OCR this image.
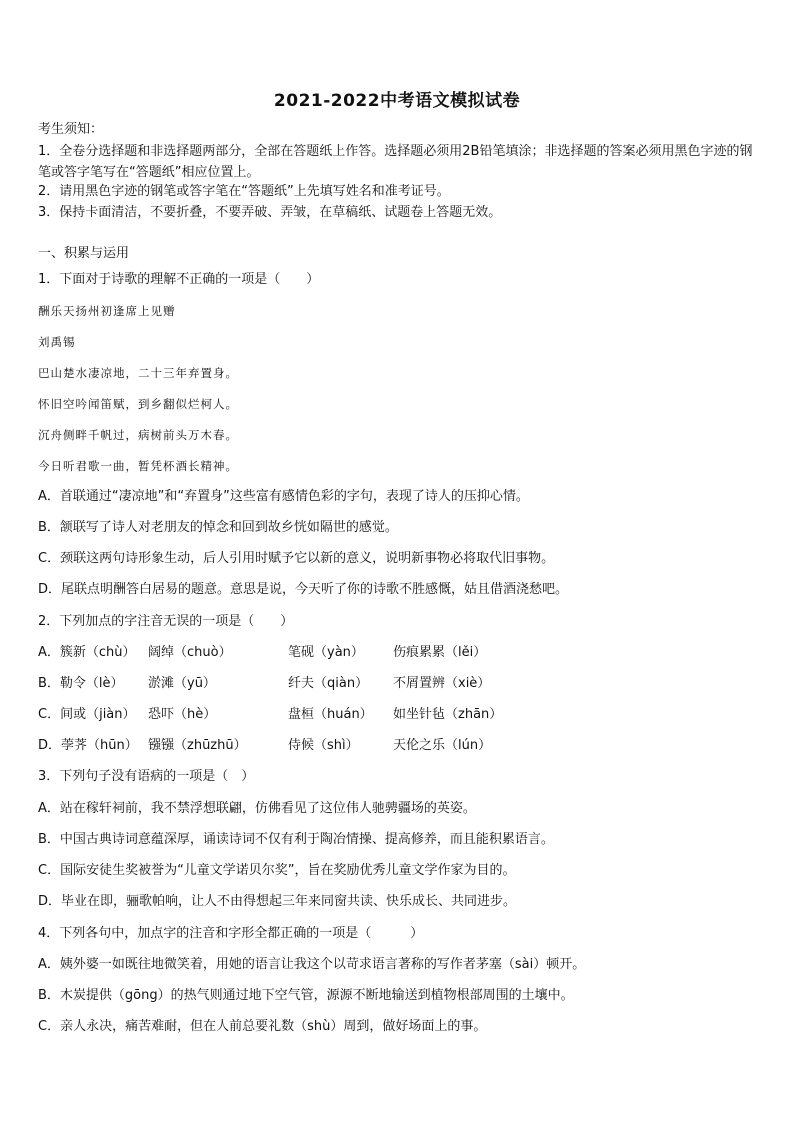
2021-2022中考语文模拟试卷
考生须知：
1．全卷分选择题和非选择题两部分，全部在答题纸上作答。选择题必须用2B铅笔填涂；非选择题的答案必须用黑色字迹的钢笔或答字笔写在“答题纸”相应位置上。
2．请用黑色字迹的钢笔或答字笔在“答题纸”上先填写姓名和准考证号。
3．保持卡面清洁，不要折叠，不要弄破、弄皱，在草稿纸、试题卷上答题无效。
一、积累与运用
1．下面对于诗歌的理解不正确的一项是（　　）
酬乐天扬州初逢席上见赠
刘禹锡
巴山楚水凄凉地，二十三年弃置身。
怀旧空吟闻笛赋，到乡翻似烂柯人。
沉舟侧畔千帆过，病树前头万木春。
今日听君歌一曲，暂凭杯酒长精神。
A．首联通过“凄凉地”和“弃置身”这些富有感情色彩的字句，表现了诗人的压抑心情。
B．颔联写了诗人对老朋友的悼念和回到故乡恍如隔世的感觉。
C．颈联这两句诗形象生动，后人引用时赋予它以新的意义，说明新事物必将取代旧事物。
D．尾联点明酬答白居易的题意。意思是说，今天听了你的诗歌不胜感慨，姑且借酒浇愁吧。
2．下列加点的字注音无误的一项是（　　）
A．簇新（chù） 阔绰（chuò）	笔砚（yàn） 伤痕累累（lěi）
B．勒令（lè） 淤滩（yū）	纤夫（qiàn） 不屑置辨（xiè）
C．间或（jiàn） 恐吓（hè）	盘桓（huán） 如坐针毡（zhān）
D．荸荠（hūn） 镪镪（zhūzhū）	侍候（shì）	天伦之乐（lún）
3．下列句子没有语病的一项是（　）
A．站在稼轩祠前，我不禁浮想联翩，仿佛看见了这位伟人驰骋疆场的英姿。
B．中国古典诗词意蕴深厚，诵读诗词不仅有利于陶冶情操、提高修养，而且能积累语言。
C．国际安徒生奖被誉为“儿童文学诺贝尔奖”，旨在奖励优秀儿童文学作家为目的。
D．毕业在即，骊歌帕响，让人不由得想起三年来同窗共读、快乐成长、共同进步。
4．下列各句中，加点字的注音和字形全都正确的一项是（　　　）
A．姨外婆一如既往地微笑着，用她的语言让我这个以苛求语言著称的写作者茅塞（sài）顿开。
B．木炭提供（gōng）的热气则通过地下空气管，源源不断地输送到植物根部周围的土壤中。
C．亲人永决，痛苦难耐，但在人前总要礼数（shù）周到，做好场面上的事。
